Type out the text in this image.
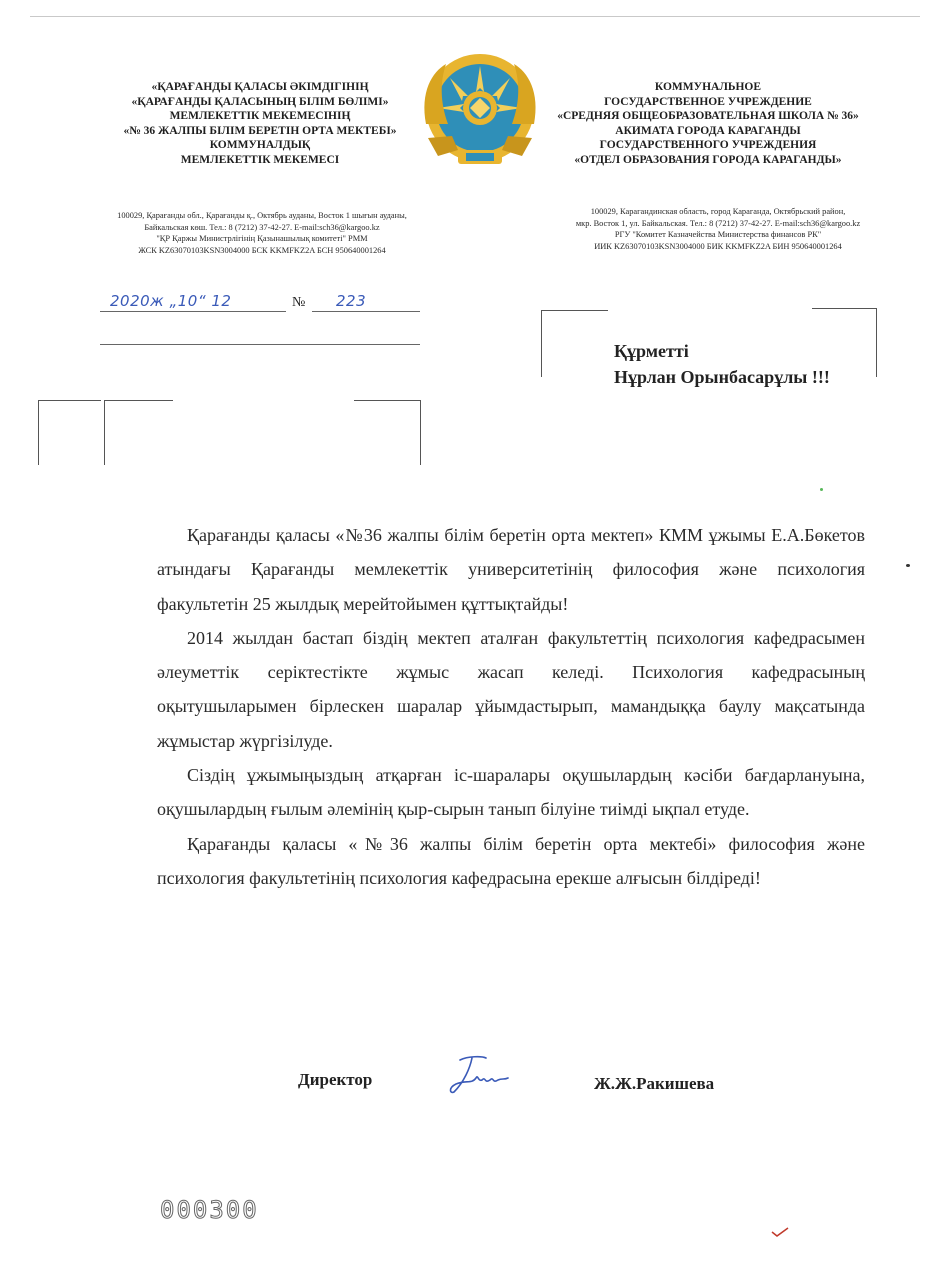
«ҚАРАҒАНДЫ ҚАЛАСЫ ӘКІМДІГІНІҢ
«ҚАРАҒАНДЫ ҚАЛАСЫНЫҢ БІЛІМ БӨЛІМІ»
МЕМЛЕКЕТТІК МЕКЕМЕСІНІҢ
«№ 36 ЖАЛПЫ БІЛІМ БЕРЕТІН ОРТА МЕКТЕБІ»
КОММУНАЛДЫҚ
МЕМЛЕКЕТТІК МЕКЕМЕСІ
КОММУНАЛЬНОЕ
ГОСУДАРСТВЕННОЕ УЧРЕЖДЕНИЕ
«СРЕДНЯЯ ОБЩЕОБРАЗОВАТЕЛЬНАЯ ШКОЛА № 36»
АКИМАТА ГОРОДА КАРАГАНДЫ
ГОСУДАРСТВЕННОГО УЧРЕЖДЕНИЯ
«ОТДЕЛ ОБРАЗОВАНИЯ ГОРОДА КАРАГАНДЫ»
100029, Қарағанды обл., Қарағанды қ., Октябрь ауданы, Восток 1 шығын ауданы,
Байкальская көш. Тел.: 8 (7212) 37-42-27. E-mail:sch36@kargoo.kz
"ҚР Қаржы Министрлігінің Қазынашылық комитеті" РММ
ЖСК KZ63070103KSN3004000 БСК KKMFKZ2A БСН 950640001264
100029, Карагандинская область, город Караганда, Октябрьский район,
мкр. Восток 1, ул. Байкальская. Тел.: 8 (7212) 37-42-27. E-mail:sch36@kargoo.kz
РГУ "Комитет Казначейства Министерства финансов РК"
ИИК KZ63070103KSN3004000 БИК KKMFKZ2A БИН 950640001264
2020ж „10“ 12	№ 223
Құрметті
Нұрлан Орынбасарұлы !!!

Қарағанды қаласы «№36 жалпы білім беретін орта мектеп» КММ ұжымы Е.А.Бөкетов атындағы Қарағанды мемлекеттік университетінің философия және психология факультетін 25 жылдық мерейтойымен құттықтайды!

2014 жылдан бастап біздің мектеп аталған факультеттің психология кафедрасымен әлеуметтік серіктестікте жұмыс жасап келеді. Психология кафедрасының оқытушыларымен бірлескен шаралар ұйымдастырып, мамандыққа баулу мақсатында жұмыстар жүргізілуде.

Сіздің ұжымыңыздың атқарған іс-шаралары оқушылардың кәсіби бағдарлануына, оқушылардың ғылым әлемінің қыр-сырын танып білуіне тиімді ықпал етуде.

Қарағанды қаласы «№36 жалпы білім беретін орта мектебі» философия және психология факультетінің психология кафедрасына ерекше алғысын білдіреді!

Директор	Ж.Ж.Ракишева
000300
